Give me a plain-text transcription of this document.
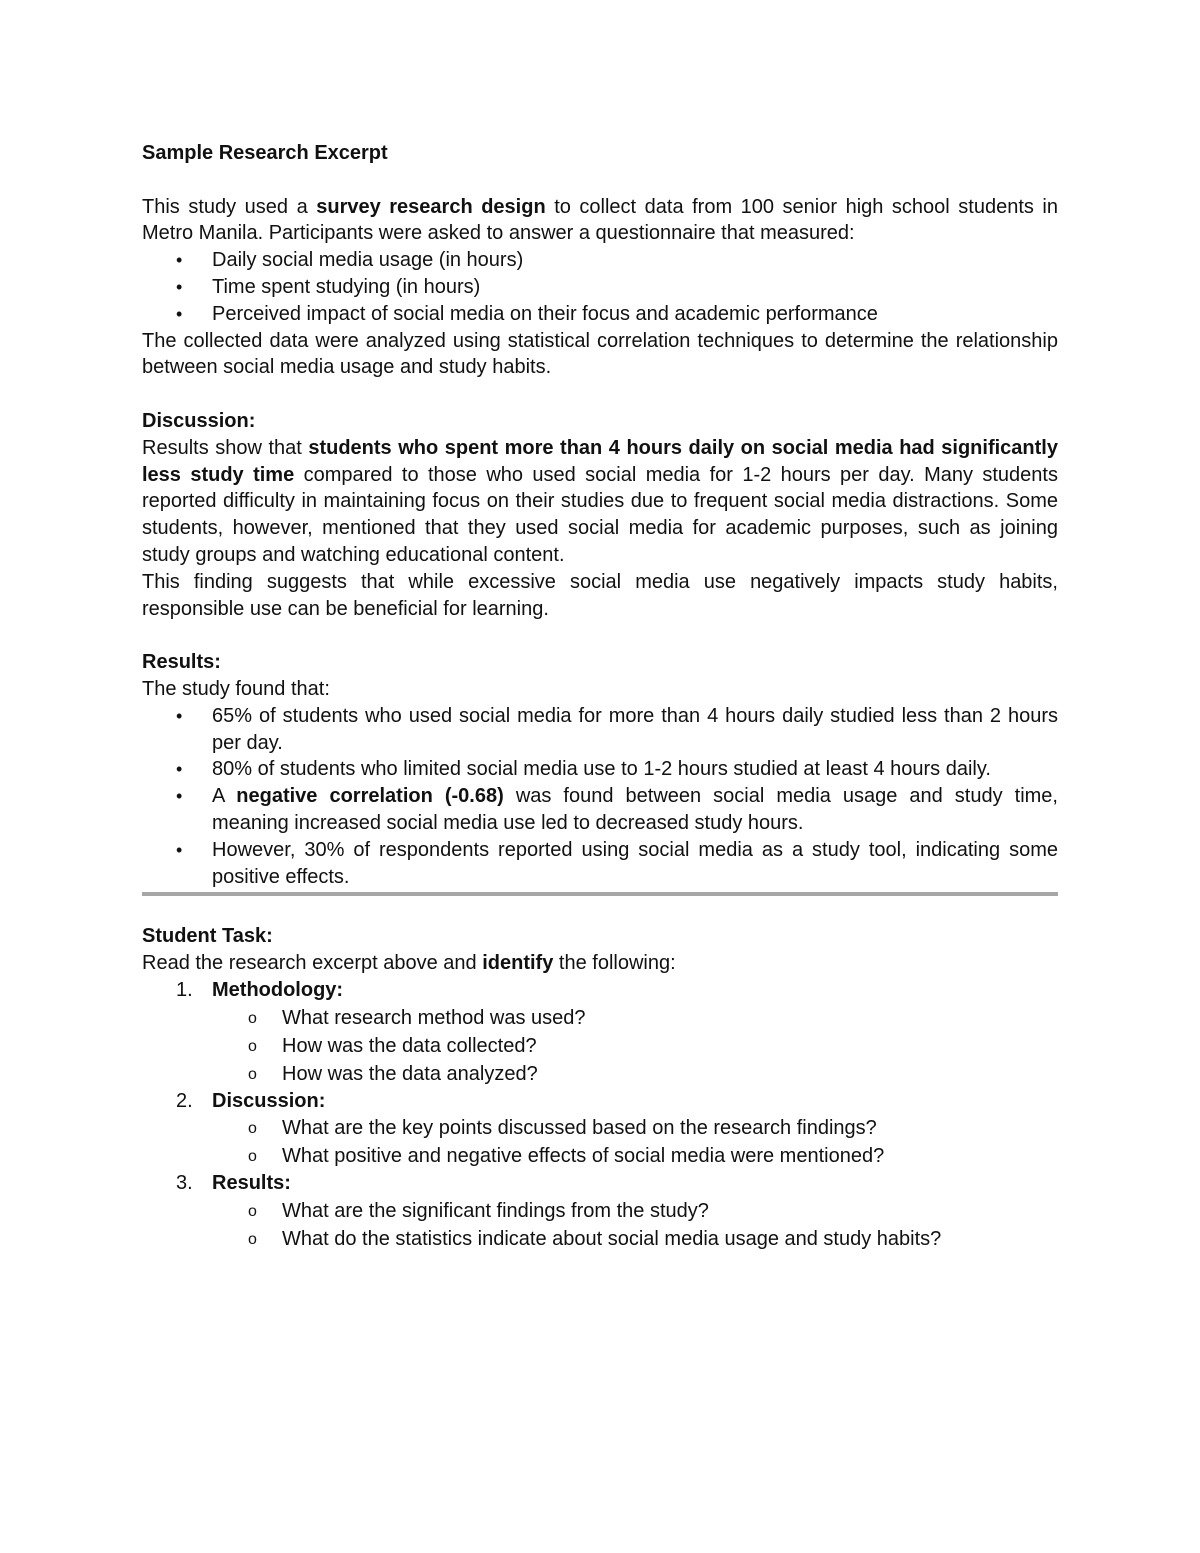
Sample Research Excerpt

This study used a survey research design to collect data from 100 senior high school students in Metro Manila. Participants were asked to answer a questionnaire that measured:

• Daily social media usage (in hours)
• Time spent studying (in hours)
• Perceived impact of social media on their focus and academic performance

The collected data were analyzed using statistical correlation techniques to determine the relationship between social media usage and study habits.

Discussion:

Results show that students who spent more than 4 hours daily on social media had significantly less study time compared to those who used social media for 1-2 hours per day. Many students reported difficulty in maintaining focus on their studies due to frequent social media distractions. Some students, however, mentioned that they used social media for academic purposes, such as joining study groups and watching educational content.

This finding suggests that while excessive social media use negatively impacts study habits, responsible use can be beneficial for learning.

Results:

The study found that:

• 65% of students who used social media for more than 4 hours daily studied less than 2 hours per day.
• 80% of students who limited social media use to 1-2 hours studied at least 4 hours daily.
• A negative correlation (-0.68) was found between social media usage and study time, meaning increased social media use led to decreased study hours.
• However, 30% of respondents reported using social media as a study tool, indicating some positive effects.

Student Task:

Read the research excerpt above and identify the following:

1. Methodology:
o What research method was used?
o How was the data collected?
o How was the data analyzed?
2. Discussion:
o What are the key points discussed based on the research findings?
o What positive and negative effects of social media were mentioned?
3. Results:
o What are the significant findings from the study?
o What do the statistics indicate about social media usage and study habits?
